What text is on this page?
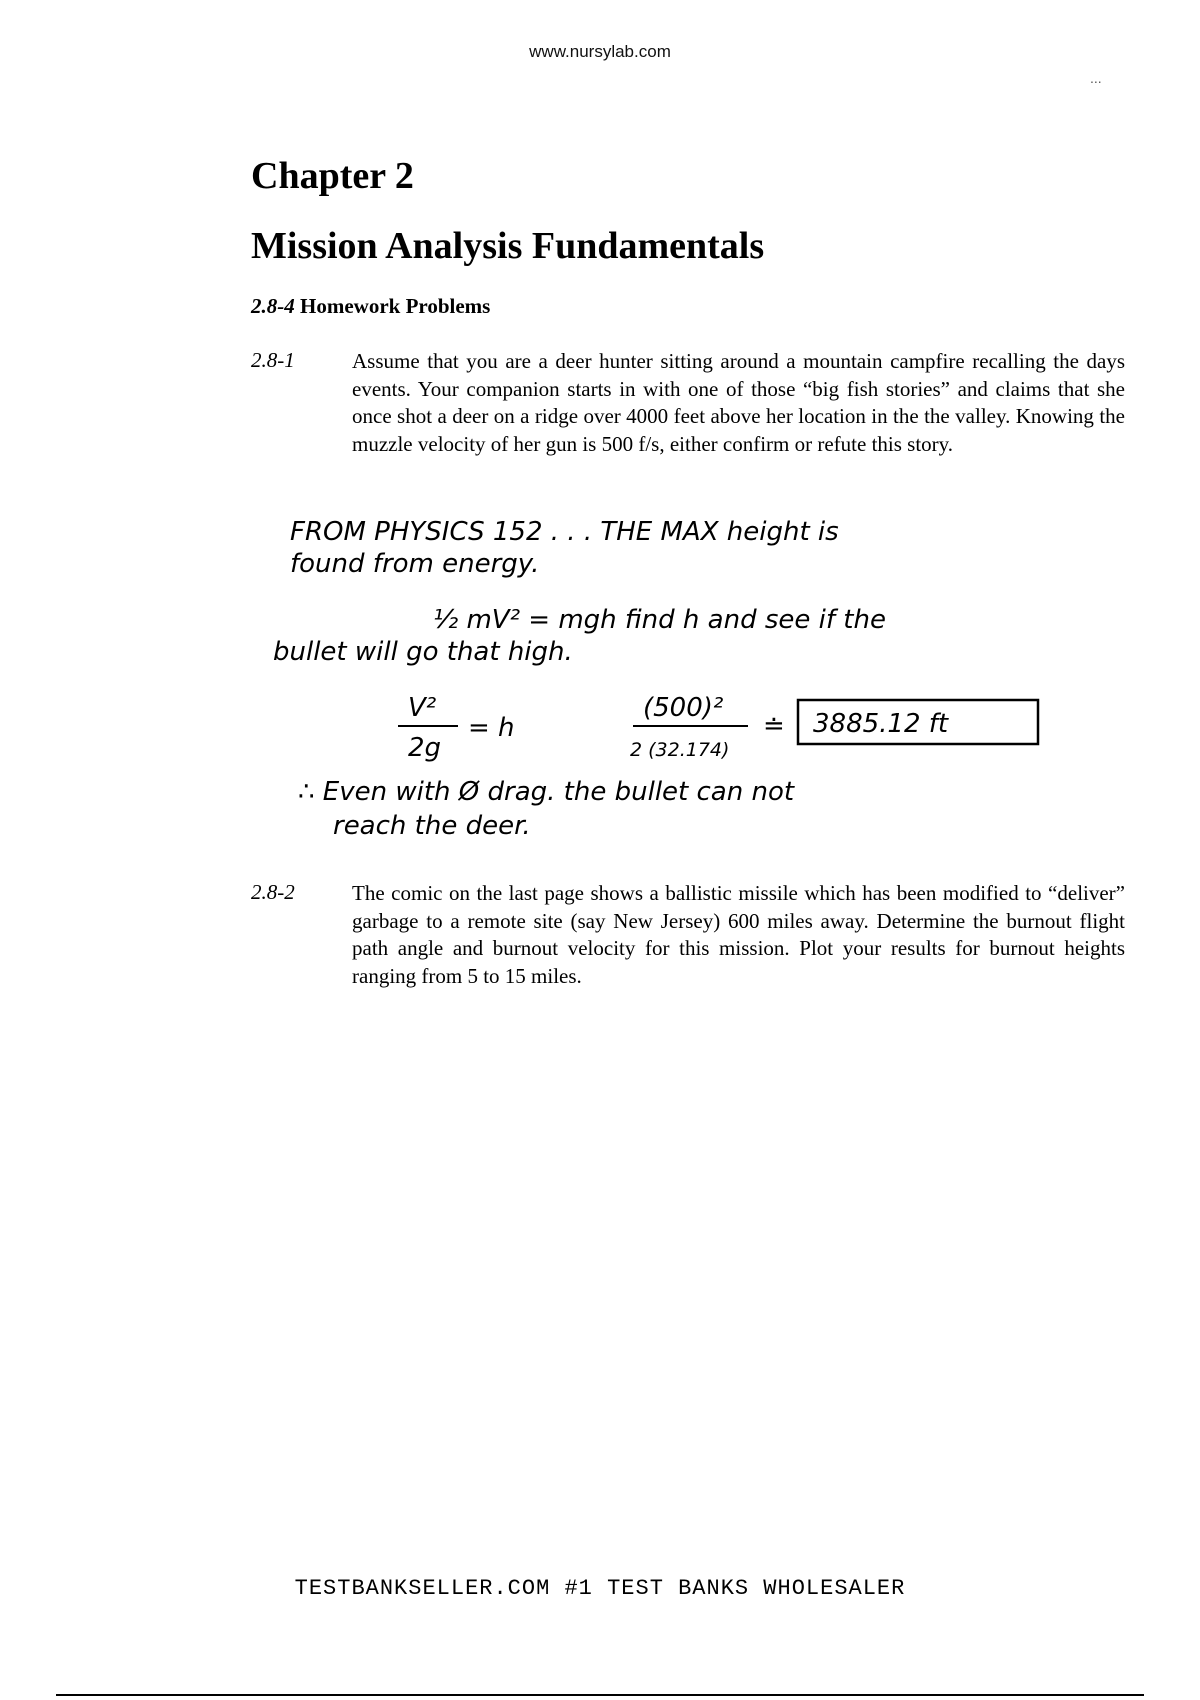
www.nursylab.com
...
Chapter 2
Mission Analysis Fundamentals
2.8-4 Homework Problems
2.8-1	Assume that you are a deer hunter sitting around a mountain campfire recalling the days events. Your companion starts in with one of those “big fish stories” and claims that she once shot a deer on a ridge over 4000 feet above her location in the the valley. Knowing the muzzle velocity of her gun is 500 f/s, either confirm or refute this story.

FROM PHYSICS 152 . . . THE MAX height is
found from energy.
½ mV² = mgh find h and see if the
bullet will go that high.
V²
2g
= h
(500)²
2 (32.174)
≐ 3885.12 ft
∴ Even with Ø drag. the bullet can not
reach the deer.
2.8-2	The comic on the last page shows a ballistic missile which has been modified to “deliver” garbage to a remote site (say New Jersey) 600 miles away. Determine the burnout flight path angle and burnout velocity for this mission. Plot your results for burnout heights ranging from 5 to 15 miles.

TESTBANKSELLER.COM #1 TEST BANKS WHOLESALER
